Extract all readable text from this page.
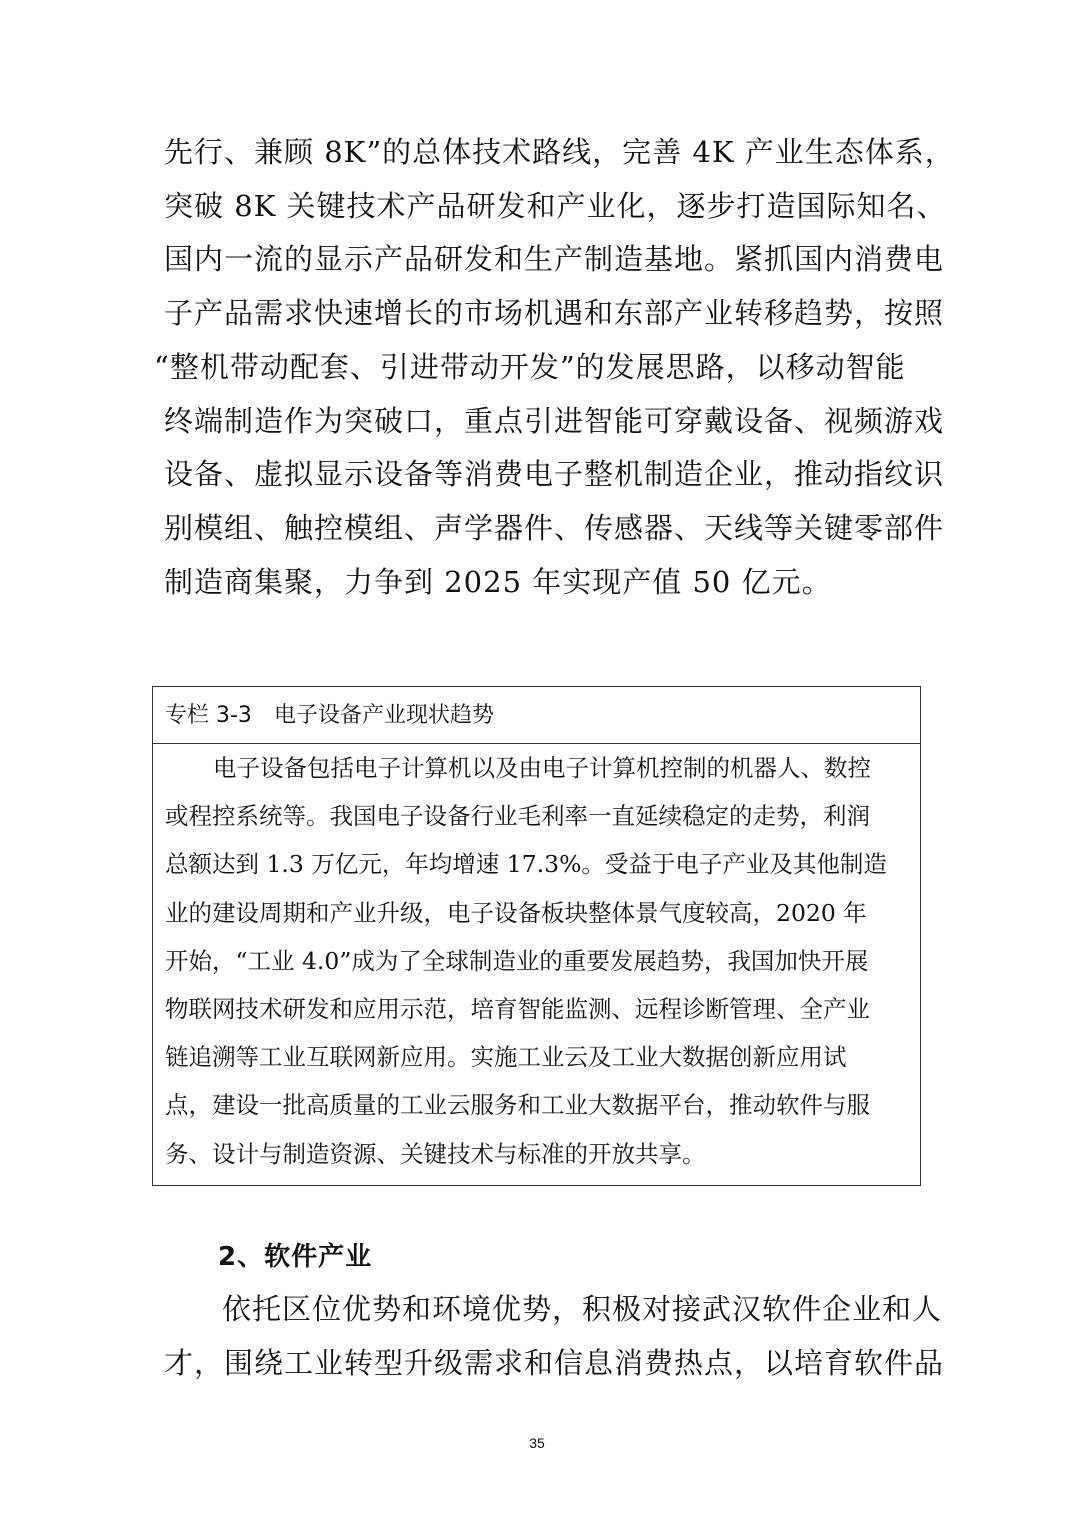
先行、兼顾 8K”的总体技术路线，完善 4K 产业生态体系，
突破 8K 关键技术产品研发和产业化，逐步打造国际知名、
国内一流的显示产品研发和生产制造基地。紧抓国内消费电
子产品需求快速增长的市场机遇和东部产业转移趋势，按照
“整机带动配套、引进带动开发”的发展思路，以移动智能
终端制造作为突破口，重点引进智能可穿戴设备、视频游戏
设备、虚拟显示设备等消费电子整机制造企业，推动指纹识
别模组、触控模组、声学器件、传感器、天线等关键零部件
制造商集聚，力争到 2025 年实现产值 50 亿元。
专栏 3-3 电子设备产业现状趋势
电子设备包括电子计算机以及由电子计算机控制的机器人、数控
或程控系统等。我国电子设备行业毛利率一直延续稳定的走势，利润
总额达到 1.3 万亿元，年均增速 17.3%。受益于电子产业及其他制造
业的建设周期和产业升级，电子设备板块整体景气度较高，2020 年
开始，“工业 4.0”成为了全球制造业的重要发展趋势，我国加快开展
物联网技术研发和应用示范，培育智能监测、远程诊断管理、全产业
链追溯等工业互联网新应用。实施工业云及工业大数据创新应用试
点，建设一批高质量的工业云服务和工业大数据平台，推动软件与服
务、设计与制造资源、关键技术与标准的开放共享。
2、软件产业
依托区位优势和环境优势，积极对接武汉软件企业和人
才，围绕工业转型升级需求和信息消费热点，以培育软件品
35
